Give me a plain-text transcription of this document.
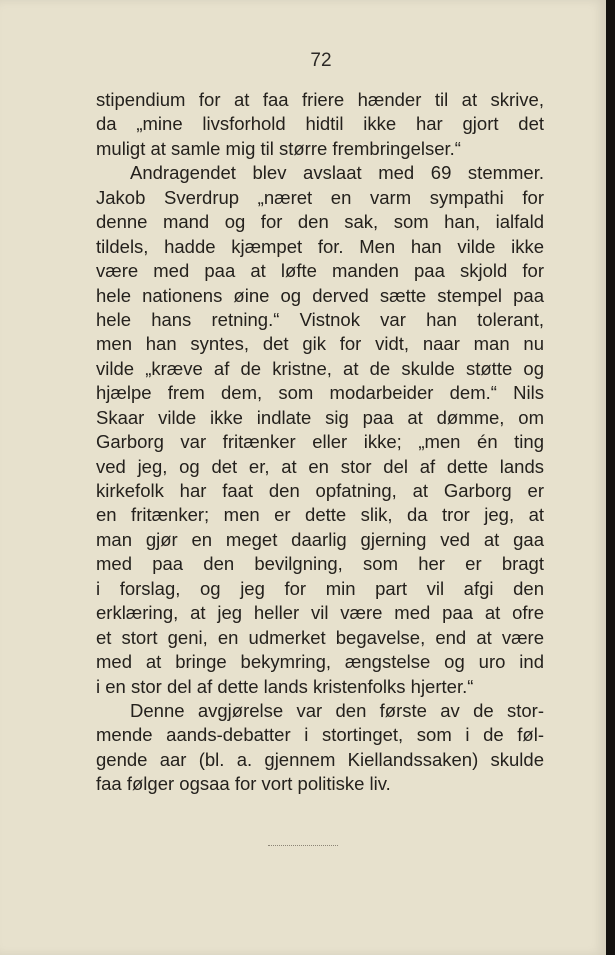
72
stipendium for at faa friere hænder til at skrive,
da „mine livsforhold hidtil ikke har gjort det
muligt at samle mig til større frembringelser.“
Andragendet blev avslaat med 69 stemmer.
Jakob Sverdrup „næret en varm sympathi for
denne mand og for den sak, som han, ialfald
tildels, hadde kjæmpet for. Men han vilde ikke
være med paa at løfte manden paa skjold for
hele nationens øine og derved sætte stempel paa
hele hans retning.“ Vistnok var han tolerant,
men han syntes, det gik for vidt, naar man nu
vilde „kræve af de kristne, at de skulde støtte og
hjælpe frem dem, som modarbeider dem.“ Nils
Skaar vilde ikke indlate sig paa at dømme, om
Garborg var fritænker eller ikke; „men én ting
ved jeg, og det er, at en stor del af dette lands
kirkefolk har faat den opfatning, at Garborg er
en fritænker; men er dette slik, da tror jeg, at
man gjør en meget daarlig gjerning ved at gaa
med paa den bevilgning, som her er bragt
i forslag, og jeg for min part vil afgi den
erklæring, at jeg heller vil være med paa at ofre
et stort geni, en udmerket begavelse, end at være
med at bringe bekymring, ængstelse og uro ind
i en stor del af dette lands kristenfolks hjerter.“
Denne avgjørelse var den første av de stor-
mende aands-debatter i stortinget, som i de føl-
gende aar (bl. a. gjennem Kiellandssaken) skulde
faa følger ogsaa for vort politiske liv.
